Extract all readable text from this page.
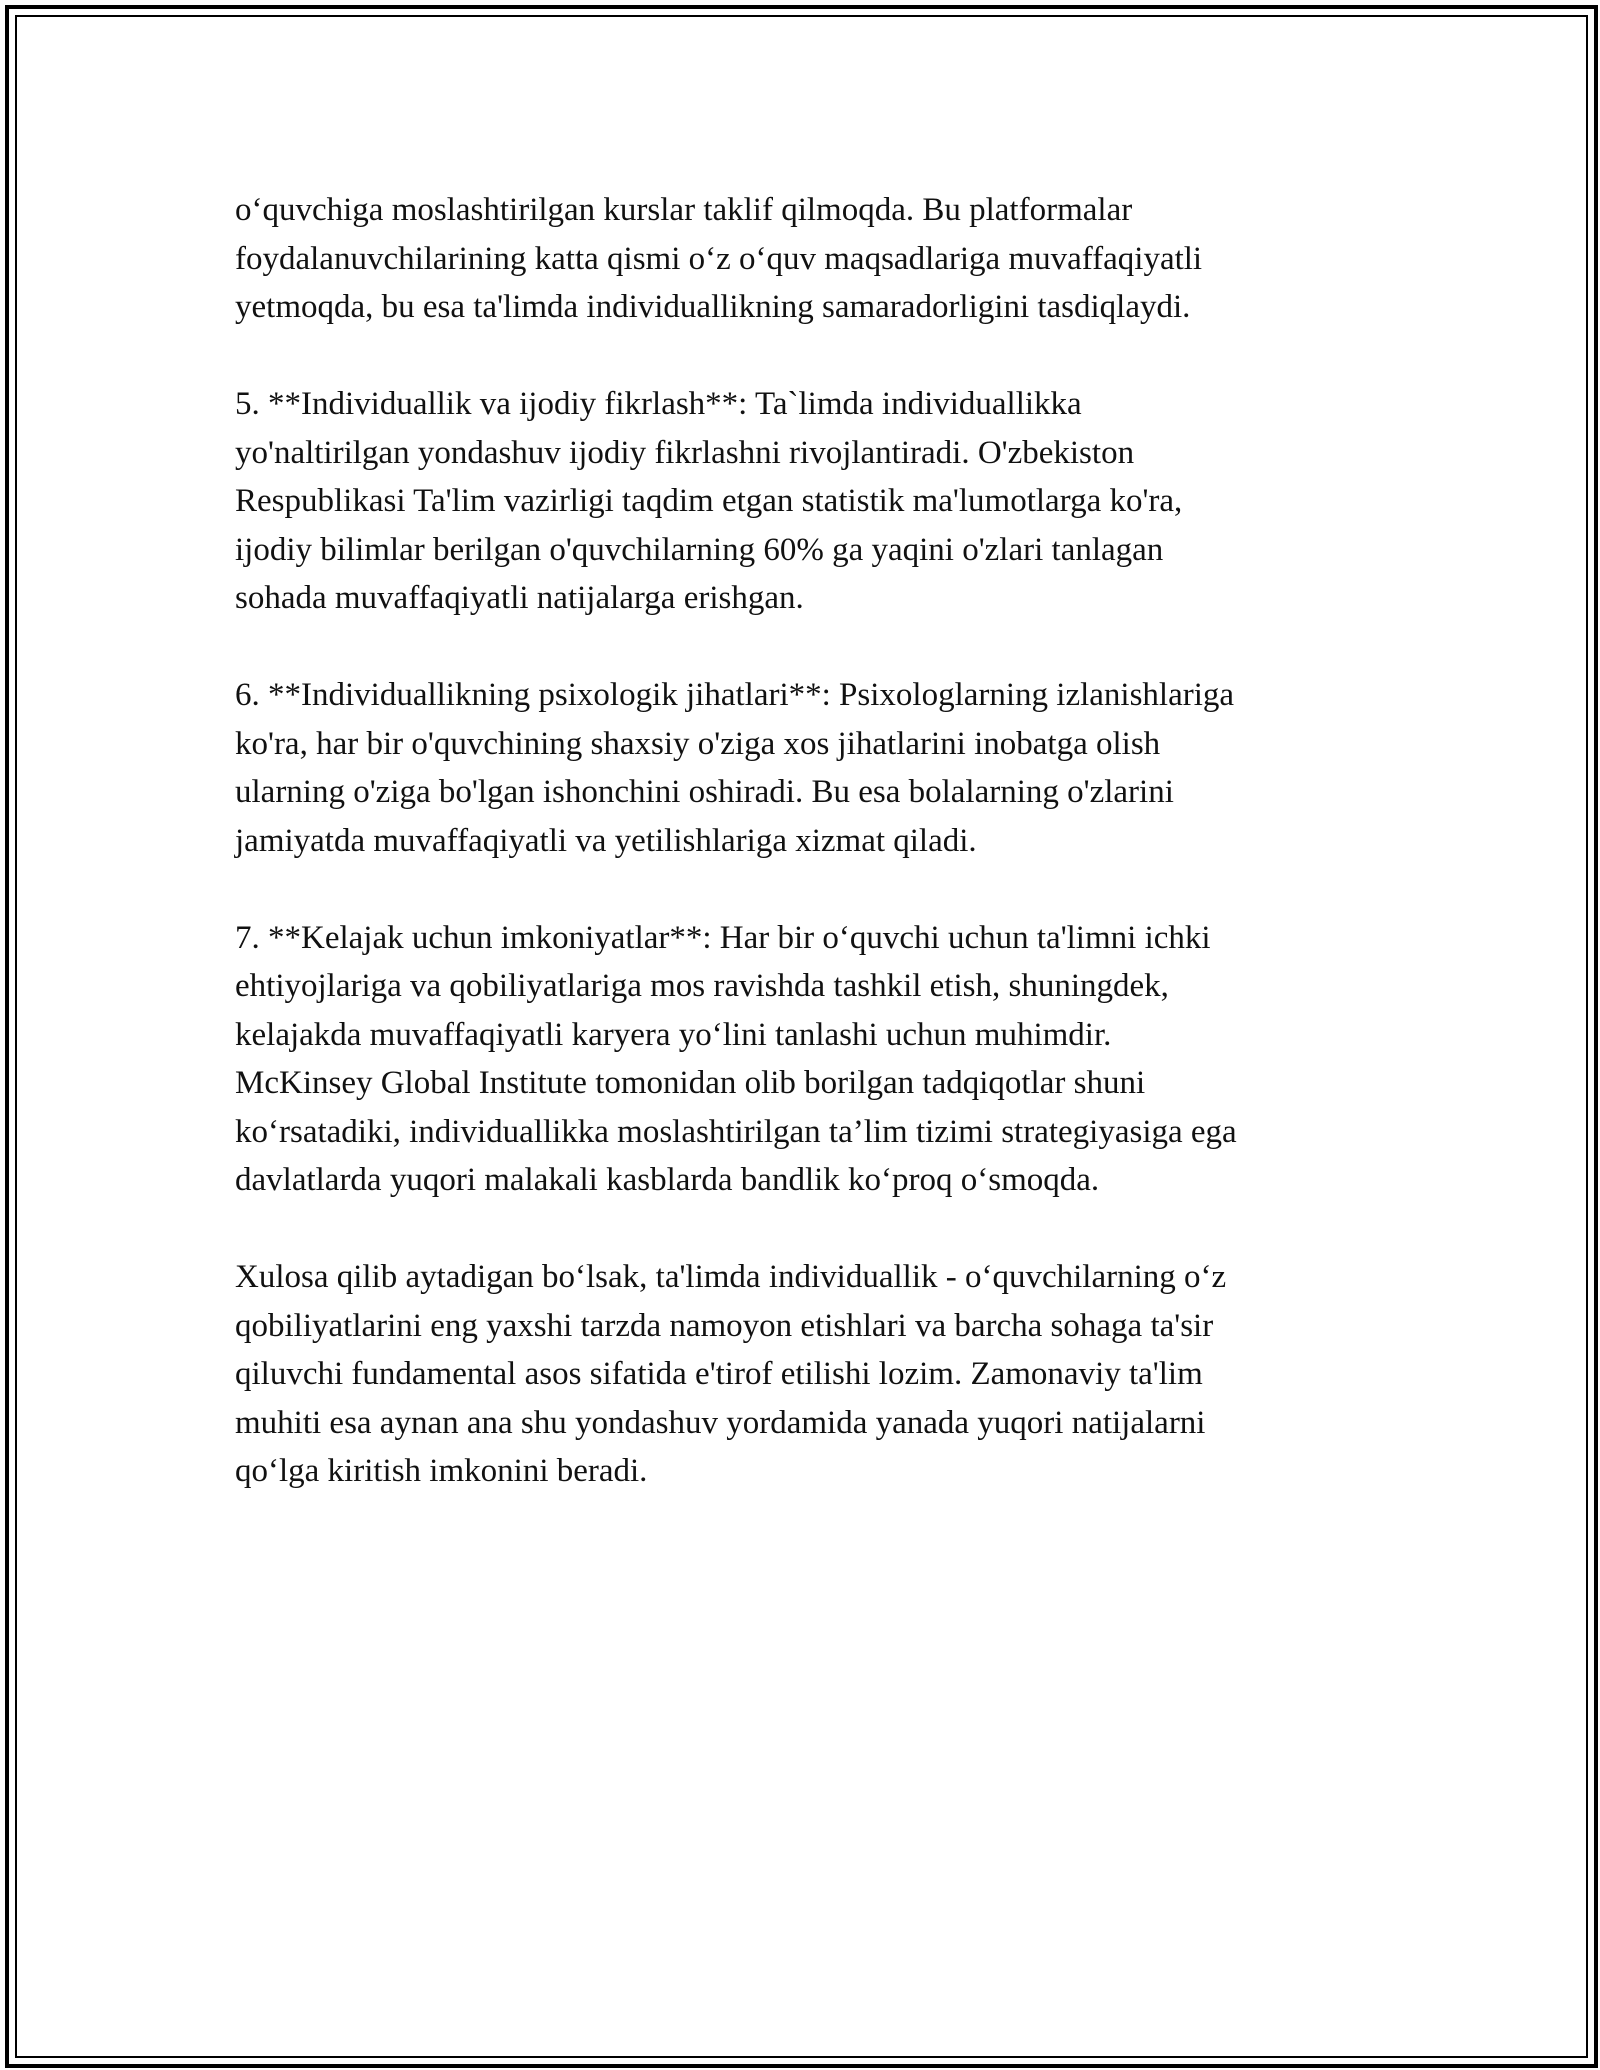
o‘quvchiga moslashtirilgan kurslar taklif qilmoqda. Bu platformalar
foydalanuvchilarining katta qismi o‘z o‘quv maqsadlariga muvaffaqiyatli
yetmoqda, bu esa ta'limda individuallikning samaradorligini tasdiqlaydi.

5. **Individuallik va ijodiy fikrlash**: Ta`limda individuallikka
yo'naltirilgan yondashuv ijodiy fikrlashni rivojlantiradi. O'zbekiston
Respublikasi Ta'lim vazirligi taqdim etgan statistik ma'lumotlarga ko'ra,
ijodiy bilimlar berilgan o'quvchilarning 60% ga yaqini o'zlari tanlagan
sohada muvaffaqiyatli natijalarga erishgan.

6. **Individuallikning psixologik jihatlari**: Psixologlarning izlanishlariga
ko'ra, har bir o'quvchining shaxsiy o'ziga xos jihatlarini inobatga olish
ularning o'ziga bo'lgan ishonchini oshiradi. Bu esa bolalarning o'zlarini
jamiyatda muvaffaqiyatli va yetilishlariga xizmat qiladi.

7. **Kelajak uchun imkoniyatlar**: Har bir o‘quvchi uchun ta'limni ichki
ehtiyojlariga va qobiliyatlariga mos ravishda tashkil etish, shuningdek,
kelajakda muvaffaqiyatli karyera yo‘lini tanlashi uchun muhimdir.
McKinsey Global Institute tomonidan olib borilgan tadqiqotlar shuni
ko‘rsatadiki, individuallikka moslashtirilgan ta’lim tizimi strategiyasiga ega
davlatlarda yuqori malakali kasblarda bandlik ko‘proq o‘smoqda.

Xulosa qilib aytadigan bo‘lsak, ta'limda individuallik - o‘quvchilarning o‘z
qobiliyatlarini eng yaxshi tarzda namoyon etishlari va barcha sohaga ta'sir
qiluvchi fundamental asos sifatida e'tirof etilishi lozim. Zamonaviy ta'lim
muhiti esa aynan ana shu yondashuv yordamida yanada yuqori natijalarni
qo‘lga kiritish imkonini beradi.
